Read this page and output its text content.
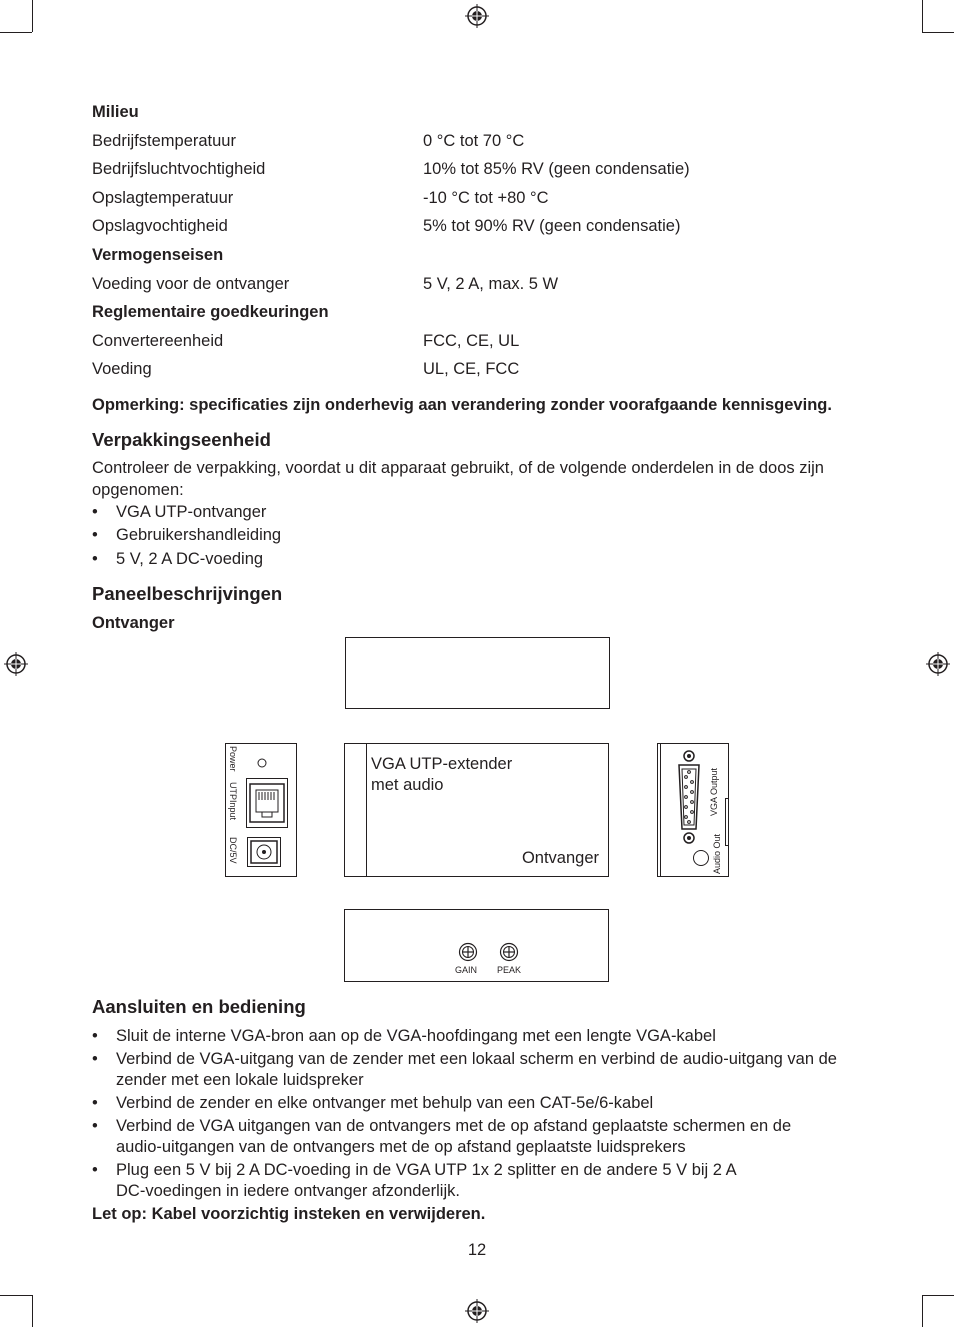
Milieu
Bedrijfstemperatuur	0 °C tot 70 °C
Bedrijfsluchtvochtigheid	10% tot 85% RV (geen condensatie)
Opslagtemperatuur	-10 °C tot +80 °C
Opslagvochtigheid	5% tot 90% RV (geen condensatie)
Vermogenseisen
Voeding voor de ontvanger	5 V, 2 A, max. 5 W
Reglementaire goedkeuringen
Convertereenheid	FCC, CE, UL
Voeding	UL, CE, FCC
Opmerking: specificaties zijn onderhevig aan verandering zonder voorafgaande kennisgeving.
Verpakkingseenheid
Controleer de verpakking, voordat u dit apparaat gebruikt, of de volgende onderdelen in de doos zijn
opgenomen:
• VGA UTP-ontvanger
• Gebruikershandleiding
• 5 V, 2 A DC-voeding
Paneelbeschrijvingen
Ontvanger
Power
UTPInput
DC/5V
VGA UTP-extender
met audio
Ontvanger
VGA Output
Audio Out
GAIN PEAK
Aansluiten en bediening
• Sluit de interne VGA-bron aan op de VGA-hoofdingang met een lengte VGA-kabel
• Verbind de VGA-uitgang van de zender met een lokaal scherm en verbind de audio-uitgang van de
zender met een lokale luidspreker
• Verbind de zender en elke ontvanger met behulp van een CAT-5e/6-kabel
• Verbind de VGA uitgangen van de ontvangers met de op afstand geplaatste schermen en de
audio-uitgangen van de ontvangers met de op afstand geplaatste luidsprekers
• Plug een 5 V bij 2 A DC-voeding in de VGA UTP 1x 2 splitter en de andere 5 V bij 2 A
DC-voedingen in iedere ontvanger afzonderlijk.
Let op: Kabel voorzichtig insteken en verwijderen.
12
